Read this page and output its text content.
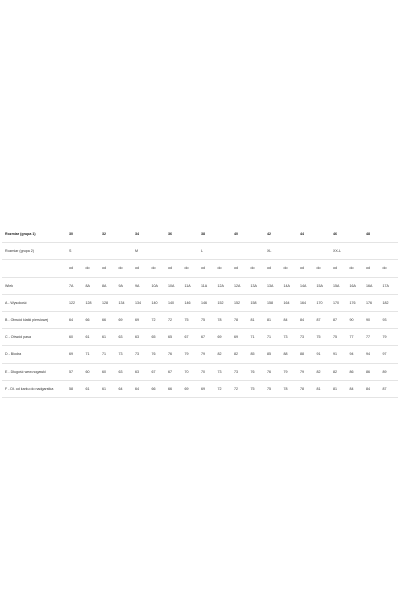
Rozmiar (grupa 1)	30		32		34		36		38		40		42		44		46		48	
Rozmiar (grupa 2)	S				M				L				XL				XX-L			
	od	do	od	do	od	do	od	do	od	do	od	do	od	do	od	do	od	do	od	do
Wiek	7A	8A	8A	9A	9A	10A	10A	11A	11A	12A	12A	13A	13A	14A	14A	15A	15A	16A	16A	17A
A - Wysokość	122	128	128	134	134	140	140	146	146	152	152	158	158	164	164	170	170	176	176	182
B - Obwód klatki piersiowej	64	66	66	69	69	72	72	75	75	78	78	81	81	84	84	87	87	90	90	93
C - Obwód pasa	60	61	61	63	63	65	65	67	67	69	69	71	71	73	73	75	75	77	77	79
D - Biodra	69	71	71	73	73	76	76	79	79	82	82	85	85	88	88	91	91	94	94	97
E - Długość wew.nogawki	57	60	60	63	63	67	67	70	70	73	73	76	76	79	79	82	82	86	86	89
F - Dł. od karku do nadgarstka	58	61	61	64	64	66	66	69	69	72	72	75	75	78	78	81	81	84	84	87
